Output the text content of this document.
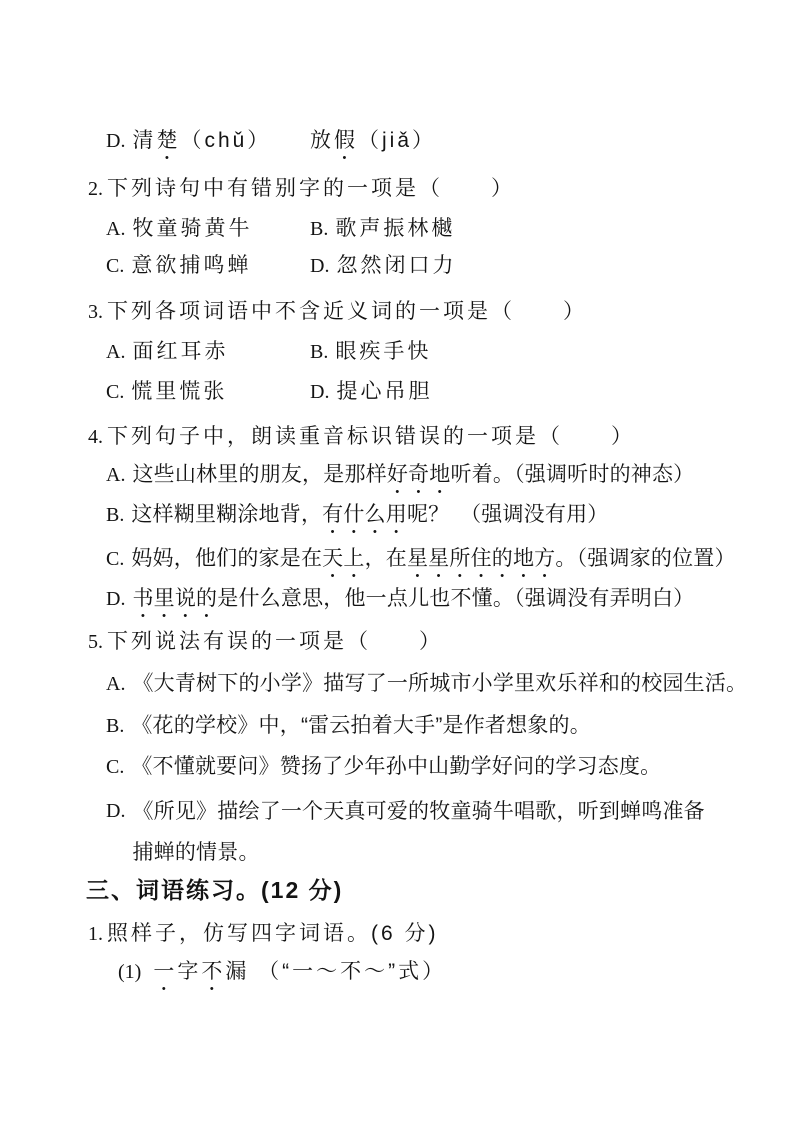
D. 清楚（chǔ） 放假（jiǎ）
2. 下列诗句中有错别字的一项是（　　）
A. 牧童骑黄牛	B. 歌声振林樾
C. 意欲捕鸣蝉	D. 忽然闭口力
3. 下列各项词语中不含近义词的一项是（　　）
A. 面红耳赤	B. 眼疾手快
C. 慌里慌张	D. 提心吊胆
4. 下列句子中，朗读重音标识错误的一项是（　　）
A. 这些山林里的朋友，是那样好奇地听着。（强调听时的神态）
B. 这样糊里糊涂地背，有什么用呢？　（强调没有用）
C. 妈妈，他们的家是在天上，在星星所住的地方。（强调家的位置）
D. 书里说的是什么意思，他一点儿也不懂。（强调没有弄明白）
5. 下列说法有误的一项是（　　）
A. 《大青树下的小学》描写了一所城市小学里欢乐祥和的校园生活。
B. 《花的学校》中，“雷云拍着大手”是作者想象的。
C. 《不懂就要问》赞扬了少年孙中山勤学好问的学习态度。
D. 《所见》描绘了一个天真可爱的牧童骑牛唱歌，听到蝉鸣准备捕蝉的情景。
三、词语练习。(12 分)
1. 照样子，仿写四字词语。(6 分)
(1) 一字不漏 （“一～不～”式）
